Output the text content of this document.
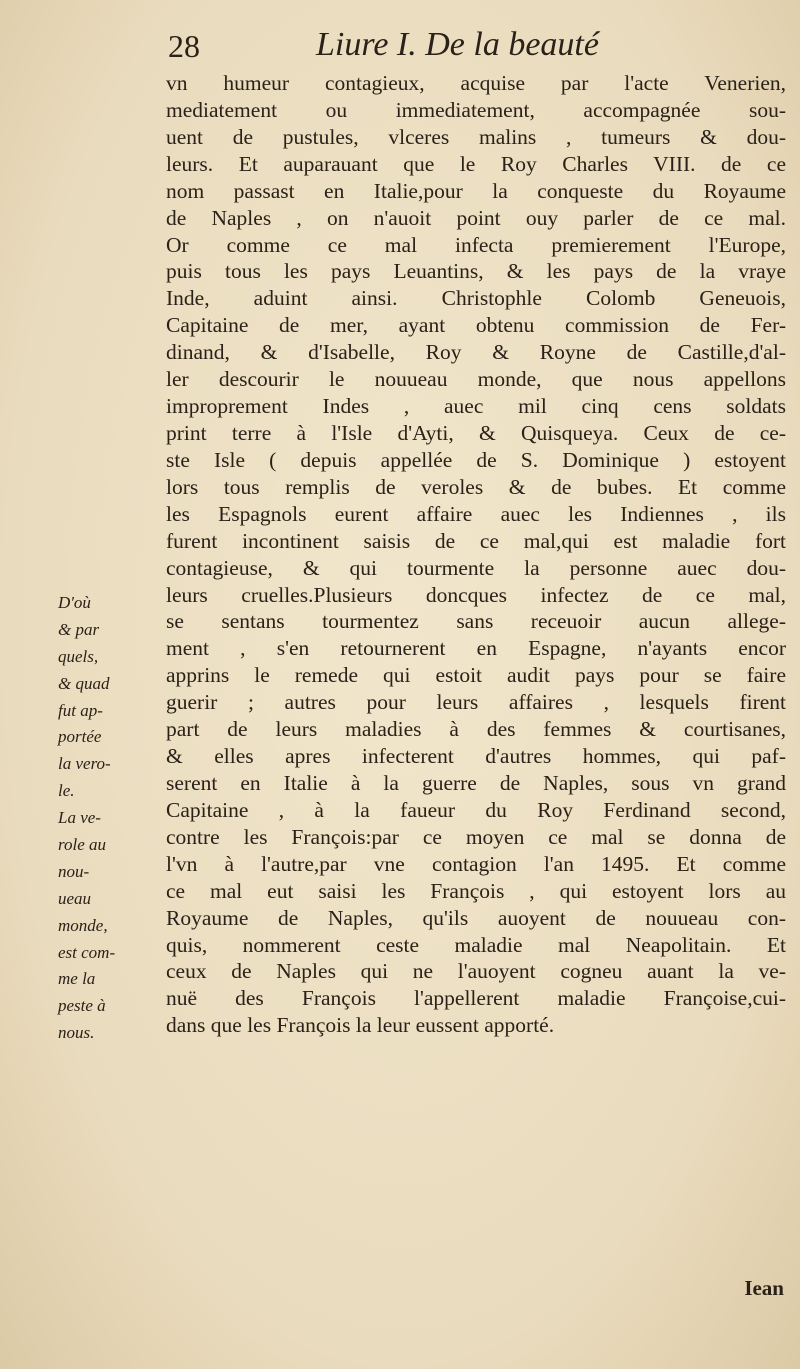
28	Liure I. De la beauté
vn humeur contagieux, acquise par l'acte Venerien,
mediatement ou immediatement, accompagnée sou-
uent de pustules, vlceres malins , tumeurs & dou-
leurs. Et auparauant que le Roy Charles VIII. de ce
nom passast en Italie,pour la conqueste du Royaume
de Naples , on n'auoit point ouy parler de ce mal.
Or comme ce mal infecta premierement l'Europe,
puis tous les pays Leuantins, & les pays de la vraye
Inde, aduint ainsi. Christophle Colomb Geneuois,
Capitaine de mer, ayant obtenu commission de Fer-
dinand, & d'Isabelle, Roy & Royne de Castille,d'al-
ler descourir le nouueau monde, que nous appellons
improprement Indes , auec mil cinq cens soldats
print terre à l'Isle d'Ayti, & Quisqueya. Ceux de ce-
ste Isle ( depuis appellée de S. Dominique ) estoyent
lors tous remplis de veroles & de bubes. Et comme
les Espagnols eurent affaire auec les Indiennes , ils
furent incontinent saisis de ce mal,qui est maladie fort
contagieuse, & qui tourmente la personne auec dou-
leurs cruelles.Plusieurs doncques infectez de ce mal,
se sentans tourmentez sans receuoir aucun allege-
ment , s'en retournerent en Espagne, n'ayants encor
apprins le remede qui estoit audit pays pour se faire
guerir ; autres pour leurs affaires , lesquels firent
part de leurs maladies à des femmes & courtisanes,
& elles apres infecterent d'autres hommes, qui paf-
serent en Italie à la guerre de Naples, sous vn grand
Capitaine , à la faueur du Roy Ferdinand second,
contre les François:par ce moyen ce mal se donna de
l'vn à l'autre,par vne contagion l'an 1495. Et comme
ce mal eut saisi les François , qui estoyent lors au
Royaume de Naples, qu'ils auoyent de nouueau con-
quis, nommerent ceste maladie mal Neapolitain. Et
ceux de Naples qui ne l'auoyent cogneu auant la ve-
nuë des François l'appellerent maladie Françoise,cui-
dans que les François la leur eussent apporté.
D'où
& par
quels,
& quad
fut ap-
portée
la vero-
le.
La ve-
role au
nou-
ueau
monde,
est com-
me la
peste à
nous.
Iean
